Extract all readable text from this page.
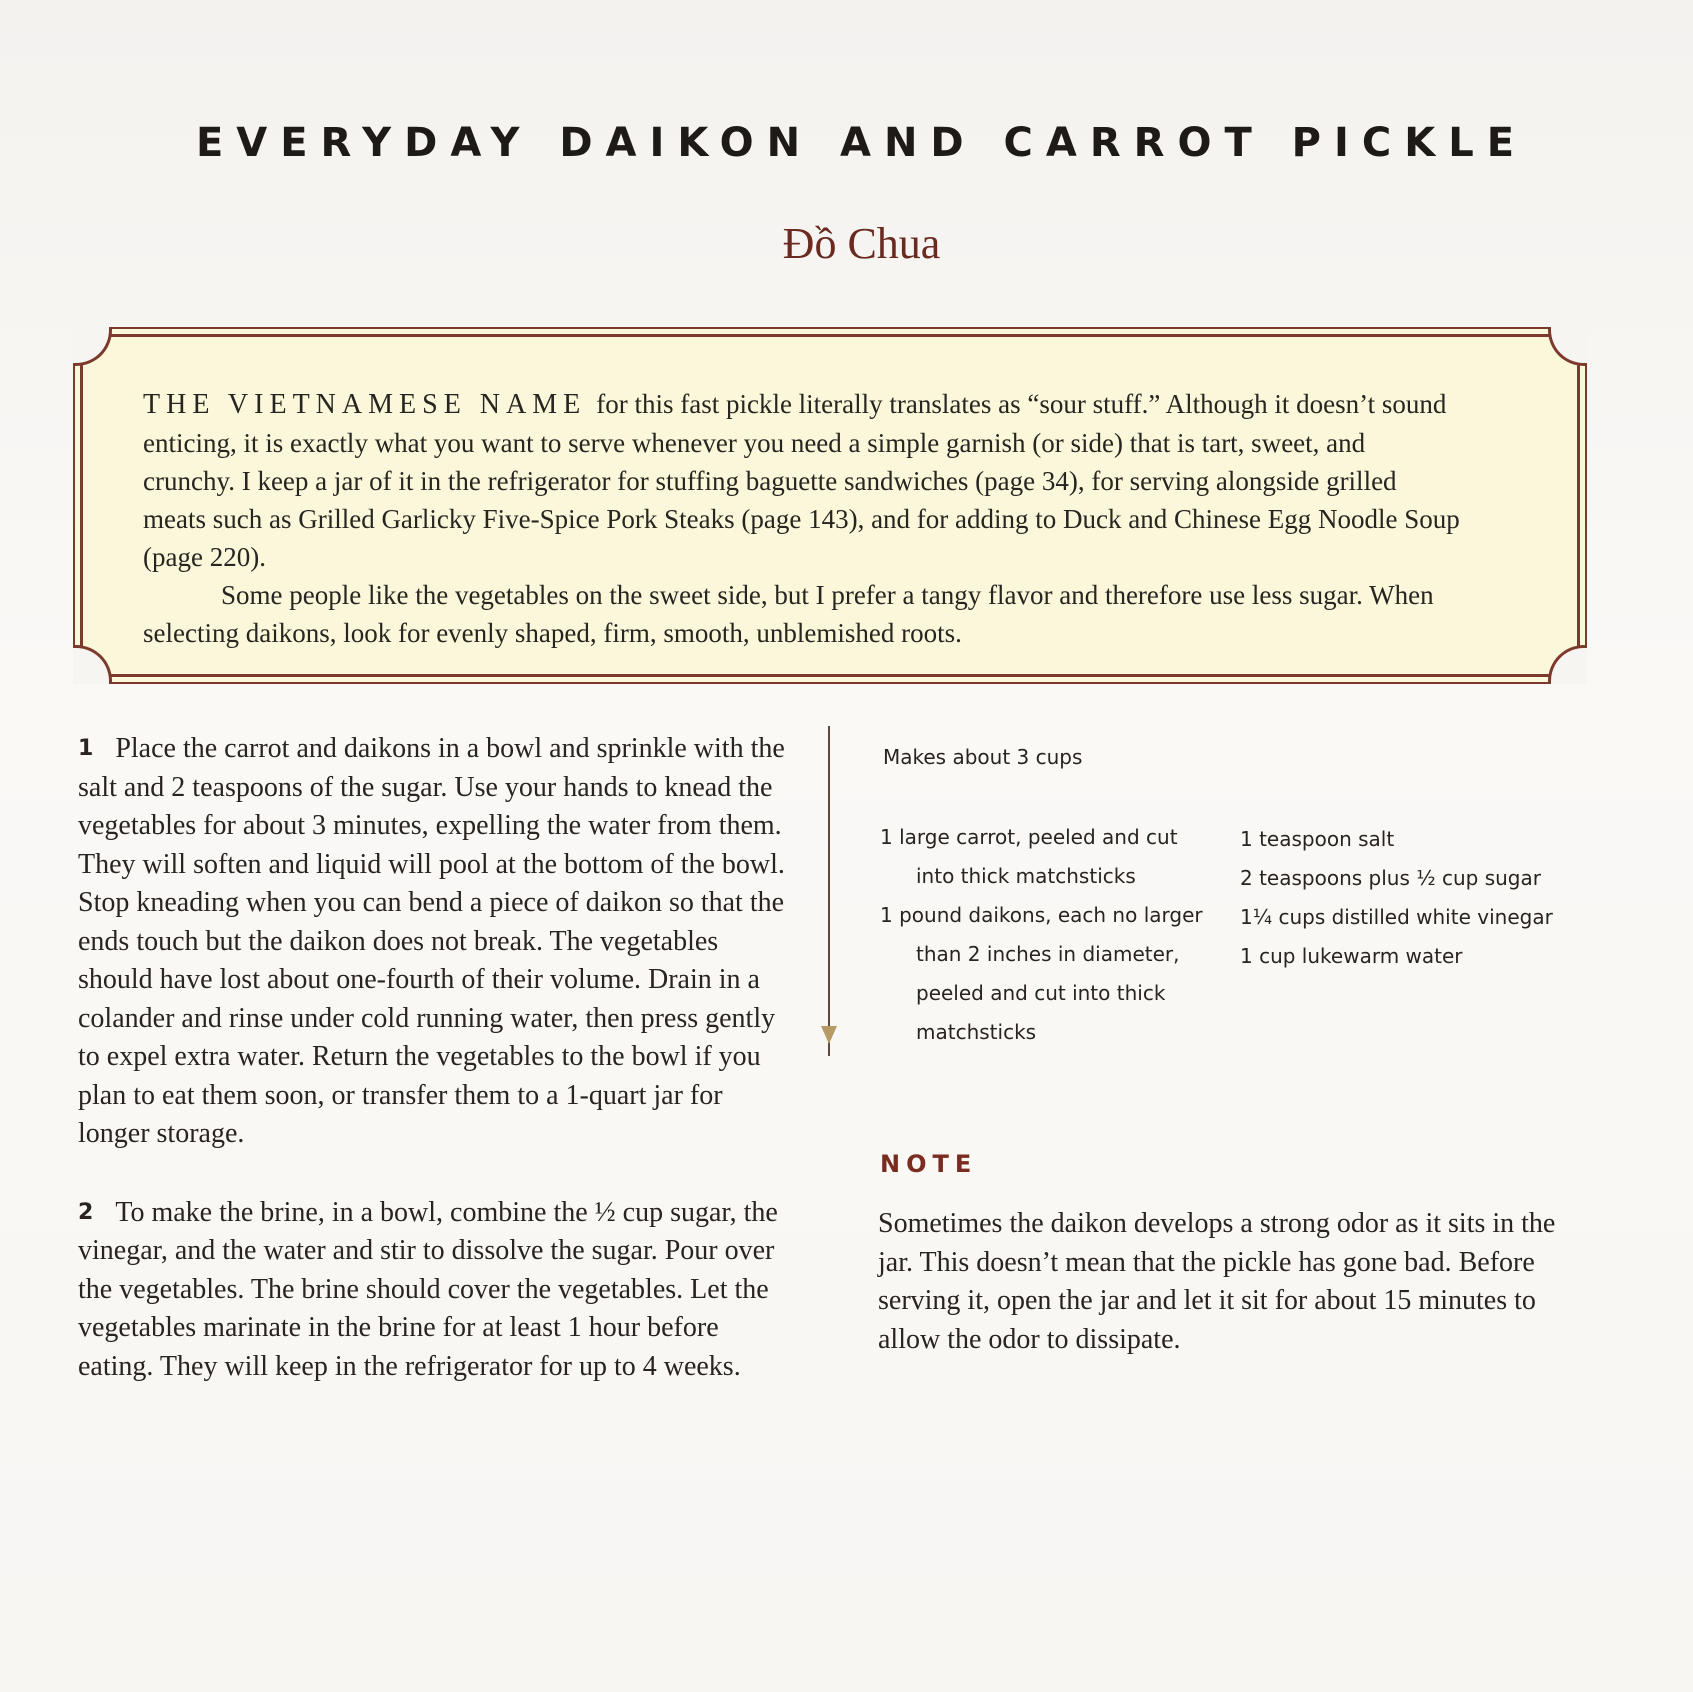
EVERYDAY DAIKON AND CARROT PICKLE
Đồ Chua

THE VIETNAMESE NAME for this fast pickle literally translates as “sour stuff.” Although it doesn’t sound enticing, it is exactly what you want to serve whenever you need a simple garnish (or side) that is tart, sweet, and crunchy. I keep a jar of it in the refrigerator for stuffing baguette sandwiches (page 34), for serving alongside grilled meats such as Grilled Garlicky Five-Spice Pork Steaks (page 143), and for adding to Duck and Chinese Egg Noodle Soup (page 220).

Some people like the vegetables on the sweet side, but I prefer a tangy flavor and therefore use less sugar. When selecting daikons, look for evenly shaped, firm, smooth, unblemished roots.

1 Place the carrot and daikons in a bowl and sprinkle with the salt and 2 teaspoons of the sugar. Use your hands to knead the vegetables for about 3 minutes, expelling the water from them. They will soften and liquid will pool at the bottom of the bowl. Stop kneading when you can bend a piece of daikon so that the ends touch but the daikon does not break. The vegetables should have lost about one-fourth of their volume. Drain in a colander and rinse under cold running water, then press gently to expel extra water. Return the vegetables to the bowl if you plan to eat them soon, or transfer them to a 1-quart jar for longer storage.

2 To make the brine, in a bowl, combine the ½ cup sugar, the vinegar, and the water and stir to dissolve the sugar. Pour over the vegetables. The brine should cover the vegetables. Let the vegetables marinate in the brine for at least 1 hour before eating. They will keep in the refrigerator for up to 4 weeks.

Makes about 3 cups
1 large carrot, peeled and cut into thick matchsticks
1 pound daikons, each no larger than 2 inches in diameter, peeled and cut into thick matchsticks
1 teaspoon salt
2 teaspoons plus ½ cup sugar
1¼ cups distilled white vinegar
1 cup lukewarm water
NOTE
Sometimes the daikon develops a strong odor as it sits in the jar. This doesn’t mean that the pickle has gone bad. Before serving it, open the jar and let it sit for about 15 minutes to allow the odor to dissipate.
